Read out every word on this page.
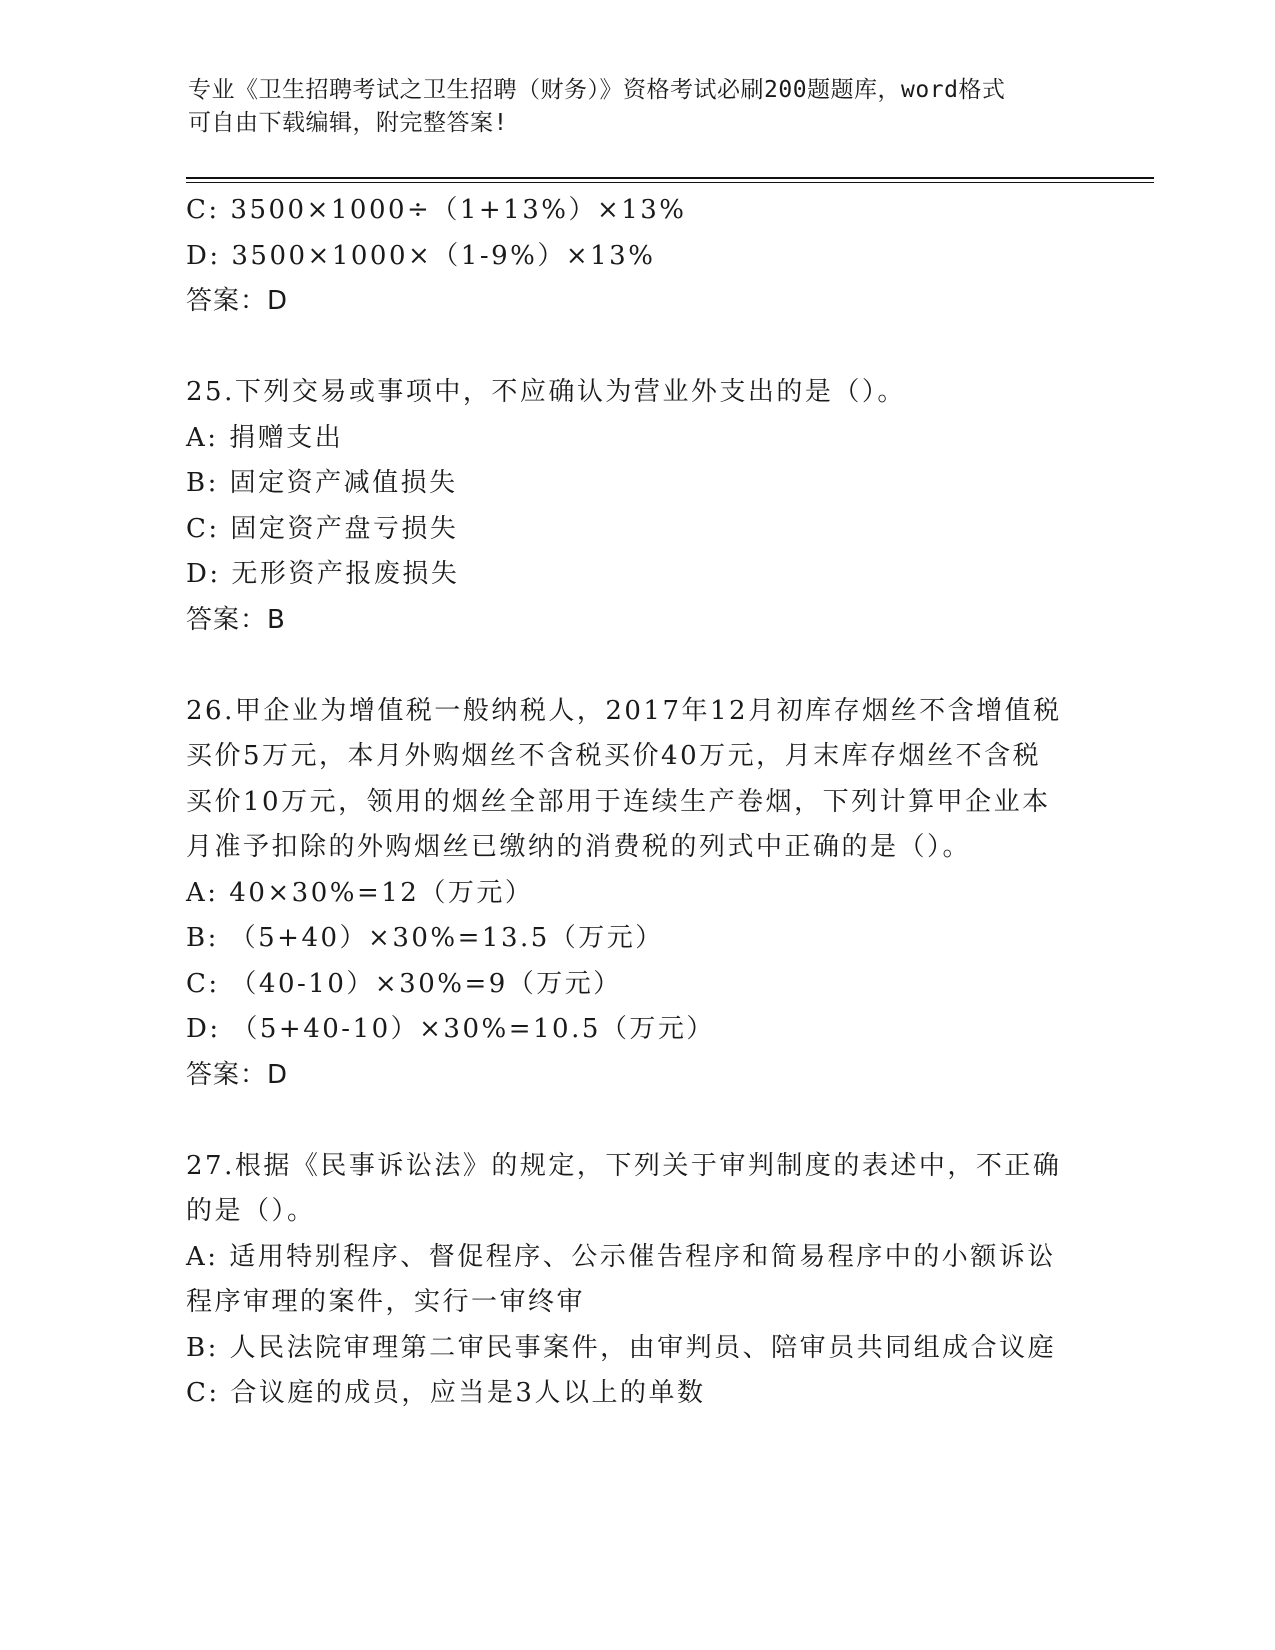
专业《卫生招聘考试之卫生招聘（财务）》资格考试必刷200题题库，word格式
可自由下载编辑，附完整答案!
C: 3500×1000÷（1+13%）×13%
D: 3500×1000×（1-9%）×13%
答案：D
25.下列交易或事项中，不应确认为营业外支出的是（）。
A: 捐赠支出
B: 固定资产减值损失
C: 固定资产盘亏损失
D: 无形资产报废损失
答案：B
26.甲企业为增值税一般纳税人，2017年12月初库存烟丝不含增值税
买价5万元，本月外购烟丝不含税买价40万元，月末库存烟丝不含税
买价10万元，领用的烟丝全部用于连续生产卷烟，下列计算甲企业本
月准予扣除的外购烟丝已缴纳的消费税的列式中正确的是（）。
A: 40×30%=12（万元）
B: （5+40）×30%=13.5（万元）
C: （40-10）×30%=9（万元）
D: （5+40-10）×30%=10.5（万元）
答案：D
27.根据《民事诉讼法》的规定，下列关于审判制度的表述中，不正确
的是（）。
A: 适用特别程序、督促程序、公示催告程序和简易程序中的小额诉讼
程序审理的案件，实行一审终审
B: 人民法院审理第二审民事案件，由审判员、陪审员共同组成合议庭
C: 合议庭的成员，应当是3人以上的单数
